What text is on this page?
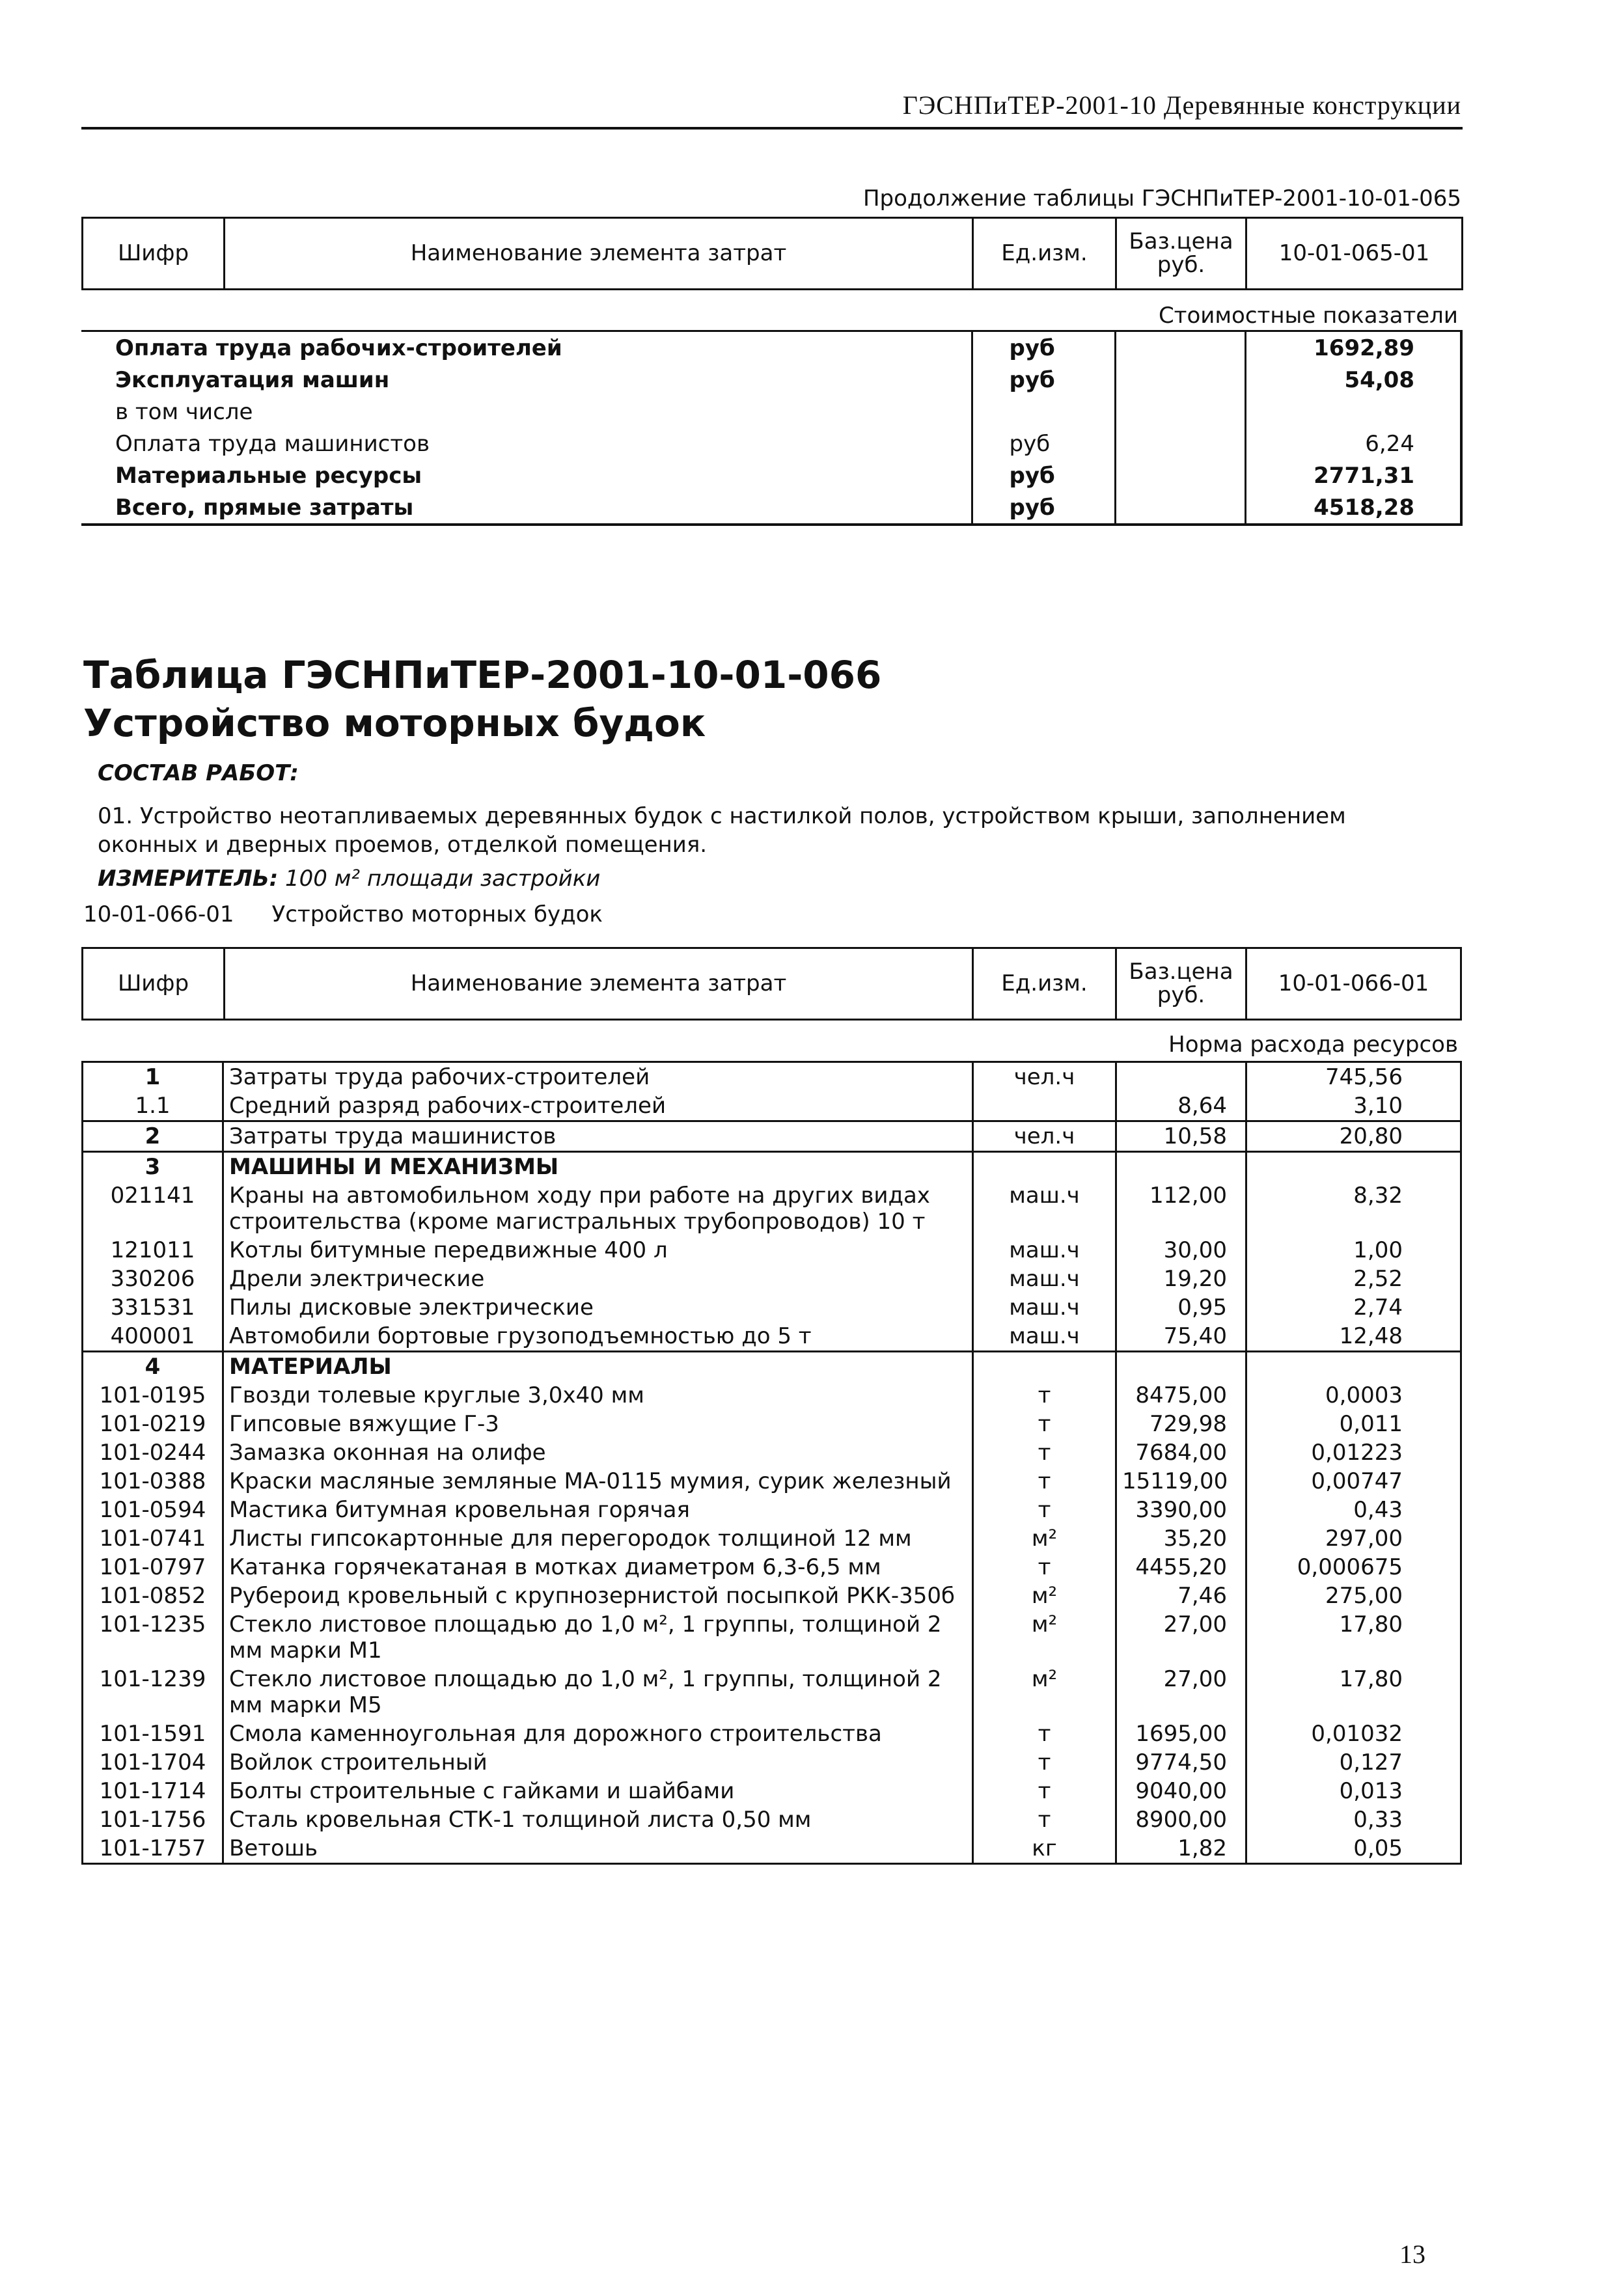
ГЭСНПиТЕР-2001-10 Деревянные конструкции
Продолжение таблицы ГЭСНПиТЕР-2001-10-01-065
Шифр	Наименование элемента затрат	Ед.изм.	Баз.цена
руб.	10-01-065-01
Стоимостные показатели
Оплата труда рабочих-строителей	руб		1692,89
Эксплуатация машин	руб		54,08
в том числе			
Оплата труда машинистов	руб		6,24
Материальные ресурсы	руб		2771,31
Всего, прямые затраты	руб		4518,28
Таблица ГЭСНПиТЕР-2001-10-01-066
Устройство моторных будок
СОСТАВ РАБОТ:
01. Устройство неотапливаемых деревянных будок с настилкой полов, устройством крыши, заполнением оконных и дверных проемов, отделкой помещения.
ИЗМЕРИТЕЛЬ: 100 м² площади застройки
10-01-066-01 Устройство моторных будок
Шифр	Наименование элемента затрат	Ед.изм.	Баз.цена
руб.	10-01-066-01
Норма расхода ресурсов
1	Затраты труда рабочих-строителей	чел.ч		745,56
1.1	Средний разряд рабочих-строителей		8,64	3,10
2	Затраты труда машинистов	чел.ч	10,58	20,80
3	МАШИНЫ И МЕХАНИЗМЫ			
021141	Краны на автомобильном ходу при работе на других видах строительства (кроме магистральных трубопроводов) 10 т	маш.ч	112,00	8,32
121011	Котлы битумные передвижные 400 л	маш.ч	30,00	1,00
330206	Дрели электрические	маш.ч	19,20	2,52
331531	Пилы дисковые электрические	маш.ч	0,95	2,74
400001	Автомобили бортовые грузоподъемностью до 5 т	маш.ч	75,40	12,48
4	МАТЕРИАЛЫ			
101-0195	Гвозди толевые круглые 3,0х40 мм	т	8475,00	0,0003
101-0219	Гипсовые вяжущие Г-3	т	729,98	0,011
101-0244	Замазка оконная на олифе	т	7684,00	0,01223
101-0388	Краски масляные земляные МА-0115 мумия, сурик железный	т	15119,00	0,00747
101-0594	Мастика битумная кровельная горячая	т	3390,00	0,43
101-0741	Листы гипсокартонные для перегородок толщиной 12 мм	м²	35,20	297,00
101-0797	Катанка горячекатаная в мотках диаметром 6,3-6,5 мм	т	4455,20	0,000675
101-0852	Рубероид кровельный с крупнозернистой посыпкой РКК-350б	м²	7,46	275,00
101-1235	Стекло листовое площадью до 1,0 м², 1 группы, толщиной 2 мм марки М1	м²	27,00	17,80
101-1239	Стекло листовое площадью до 1,0 м², 1 группы, толщиной 2 мм марки М5	м²	27,00	17,80
101-1591	Смола каменноугольная для дорожного строительства	т	1695,00	0,01032
101-1704	Войлок строительный	т	9774,50	0,127
101-1714	Болты строительные с гайками и шайбами	т	9040,00	0,013
101-1756	Сталь кровельная СТК-1 толщиной листа 0,50 мм	т	8900,00	0,33
101-1757	Ветошь	кг	1,82	0,05
13
